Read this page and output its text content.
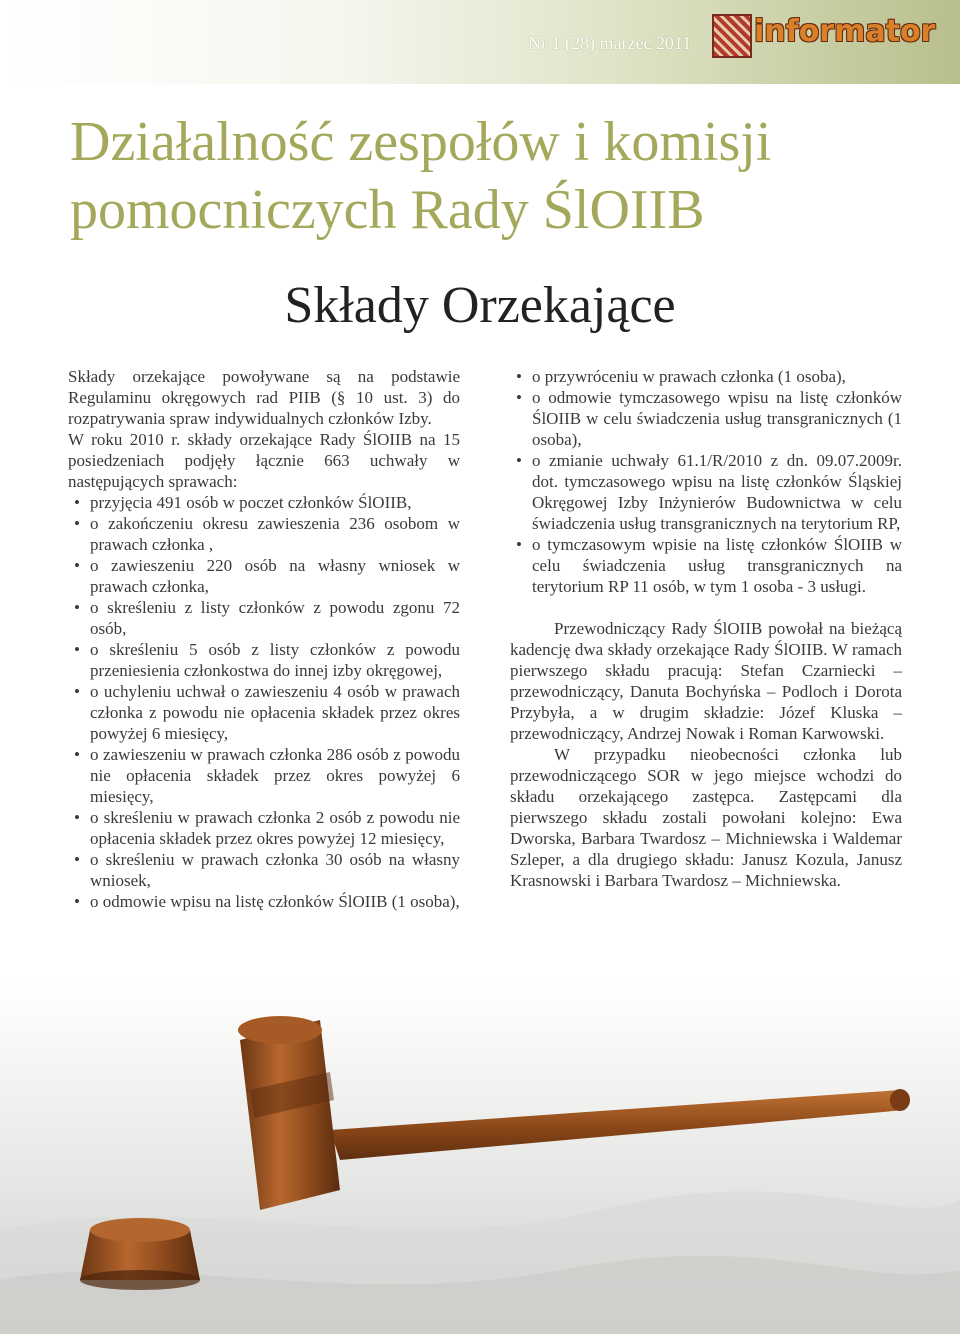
Nr 1 (28) marzec 2011 informator
Działalność zespołów i komisji
pomocniczych Rady ŚlOIIB
Składy Orzekające

Składy orzekające powoływane są na podstawie Regulaminu okręgowych rad PIIB (§ 10 ust. 3) do rozpatrywania spraw indywidualnych członków Izby.

W roku 2010 r. składy orzekające Rady ŚlOIIB na 15 posiedzeniach podjęły łącznie 663 uchwały w następujących sprawach:

• przyjęcia 491 osób w poczet członków ŚlOIIB,
• o zakończeniu okresu zawieszenia 236 osobom w prawach członka ,
• o zawieszeniu 220 osób na własny wniosek w prawach członka,
• o skreśleniu z listy członków z powodu zgonu 72 osób,
• o skreśleniu 5 osób z listy członków z powodu przeniesienia członkostwa do innej izby okręgowej,
• o uchyleniu uchwał o zawieszeniu 4 osób w prawach członka z powodu nie opłacenia składek przez okres powyżej 6 miesięcy,
• o zawieszeniu w prawach członka 286 osób z powodu nie opłacenia składek przez okres powyżej 6 miesięcy,
• o skreśleniu w prawach członka 2 osób z powodu nie opłacenia składek przez okres powyżej 12 miesięcy,
• o skreśleniu w prawach członka 30 osób na własny wniosek,
• o odmowie wpisu na listę członków ŚlOIIB (1 osoba),
• o przywróceniu w prawach członka (1 osoba),
• o odmowie tymczasowego wpisu na listę członków ŚlOIIB w celu świadczenia usług transgranicznych (1 osoba),
• o zmianie uchwały 61.1/R/2010 z dn. 09.07.2009r. dot. tymczasowego wpisu na listę członków Śląskiej Okręgowej Izby Inżynierów Budownictwa w celu świadczenia usług transgranicznych na terytorium RP,
• o tymczasowym wpisie na listę członków ŚlOIIB w celu świadczenia usług transgranicznych na terytorium RP 11 osób, w tym 1 osoba - 3 usługi.

Przewodniczący Rady ŚlOIIB powołał na bieżącą kadencję dwa składy orzekające Rady ŚlOIIB. W ramach pierwszego składu pracują: Stefan Czarniecki – przewodniczący, Danuta Bochyńska – Podloch i Dorota Przybyła, a w drugim składzie: Józef Kluska – przewodniczący, Andrzej Nowak i Roman Karwowski.

W przypadku nieobecności członka lub przewodniczącego SOR w jego miejsce wchodzi do składu orzekającego zastępca. Zastępcami dla pierwszego składu zostali powołani kolejno: Ewa Dworska, Barbara Twardosz – Michniewska i Waldemar Szleper, a dla drugiego składu: Janusz Kozula, Janusz Krasnowski i Barbara Twardosz – Michniewska.
